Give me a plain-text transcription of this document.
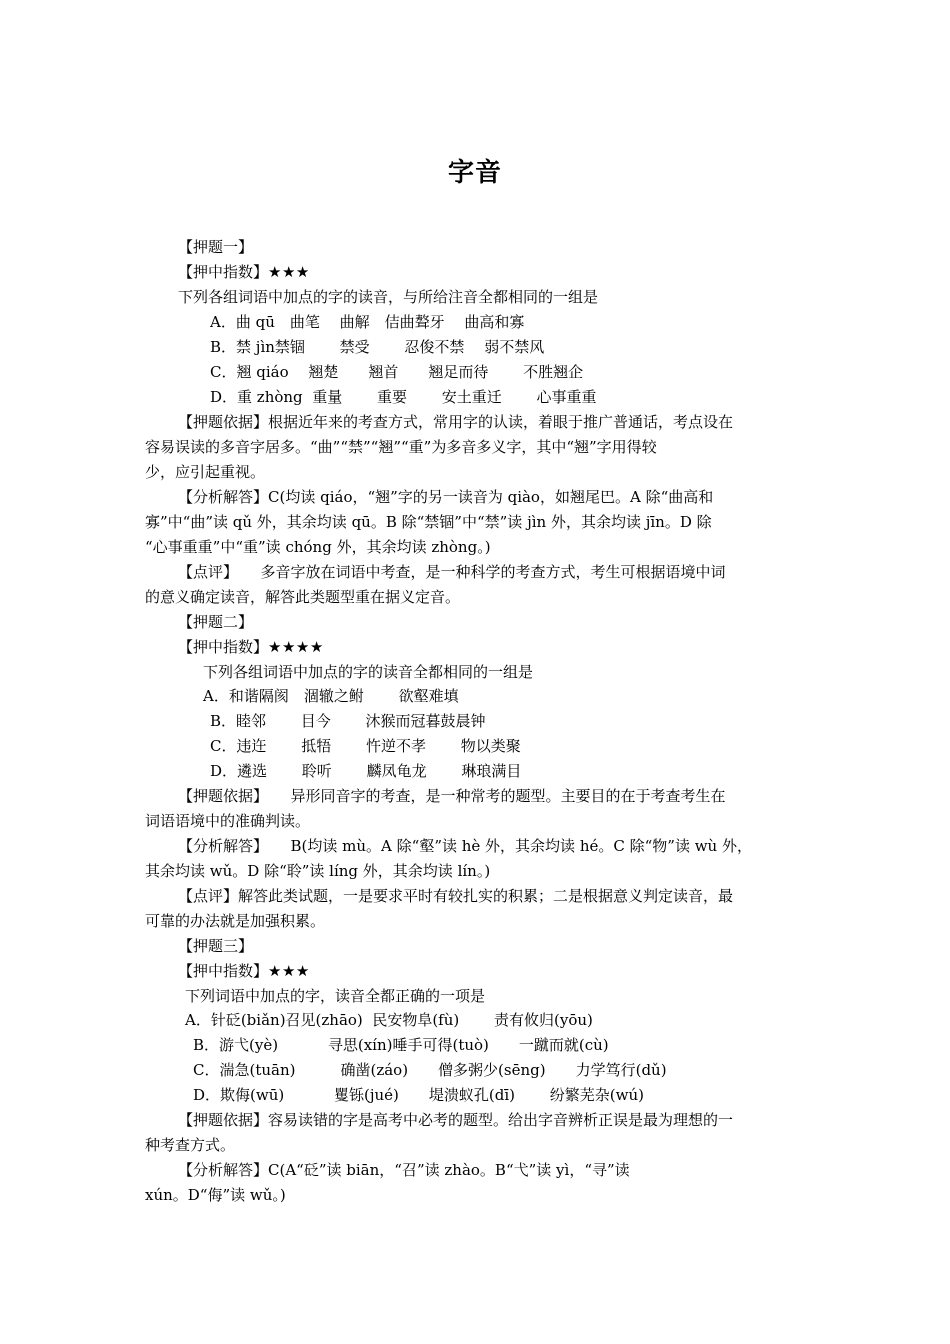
字音
【押题一】
【押中指数】★★★
下列各组词语中加点的字的读音，与所给注音全都相同的一组是
A．曲 qū　曲笔　 曲解　佶曲聱牙　 曲高和寡
B．禁 jìn禁锢　　 禁受　　 忍俊不禁　 弱不禁风
C．翘 qiáo　 翘楚　　翘首　　翘足而待　　 不胜翘企
D．重 zhòng  重量　　 重要　　 安土重迁　　 心事重重
【押题依据】根据近年来的考查方式，常用字的认读，着眼于推广普通话，考点设在
容易误读的多音字居多。“曲”“禁”“翘”“重”为多音多义字，其中“翘”字用得较
少，应引起重视。
【分析解答】C(均读 qiáo，“翘”字的另一读音为 qiào，如翘尾巴。A 除“曲高和
寡”中“曲”读 qǔ 外，其余均读 qū。B 除“禁锢”中“禁”读 jìn 外，其余均读 jīn。D 除
“心事重重”中“重”读 chóng 外，其余均读 zhòng。)
【点评】　　多音字放在词语中考查，是一种科学的考查方式，考生可根据语境中词
的意义确定读音，解答此类题型重在据义定音。
【押题二】
【押中指数】★★★★
下列各组词语中加点的字的读音全都相同的一组是
A．和谐隔阂　涸辙之鲋　　 欲壑难填
B．睦邻　　 目今　　 沐猴而冠暮鼓晨钟
C．违迕　　 抵牾　　 忤逆不孝　　 物以类聚
D．遴选　　 聆听　　 麟凤龟龙　　 琳琅满目
【押题依据】　　异形同音字的考查，是一种常考的题型。主要目的在于考查考生在
词语语境中的准确判读。
【分析解答】　　B(均读 mù。A 除“壑”读 hè 外，其余均读 hé。C 除“物”读 wù 外，
其余均读 wǔ。D 除“聆”读 líng 外，其余均读 lín。)
【点评】解答此类试题，一是要求平时有较扎实的积累；二是根据意义判定读音，最
可靠的办法就是加强积累。
【押题三】
【押中指数】★★★
下列词语中加点的字，读音全都正确的一项是
A．针砭(biǎn)召见(zhāo)  民安物阜(fù)　　 责有攸归(yōu)
B．游弋(yè)　　　 寻思(xín)唾手可得(tuò)　　一蹴而就(cù)
C．湍急(tuān)　　　确凿(záo)　　僧多粥少(sēng)　　力学笃行(dǔ)
D．欺侮(wū)　　　 矍铄(jué)　　堤溃蚁孔(dī)　　 纷繁芜杂(wú)
【押题依据】容易读错的字是高考中必考的题型。给出字音辨析正误是最为理想的一
种考查方式。
【分析解答】C(A“砭”读 biān，“召”读 zhào。B“弋”读 yì，“寻”读
xún。D“侮”读 wǔ。)
